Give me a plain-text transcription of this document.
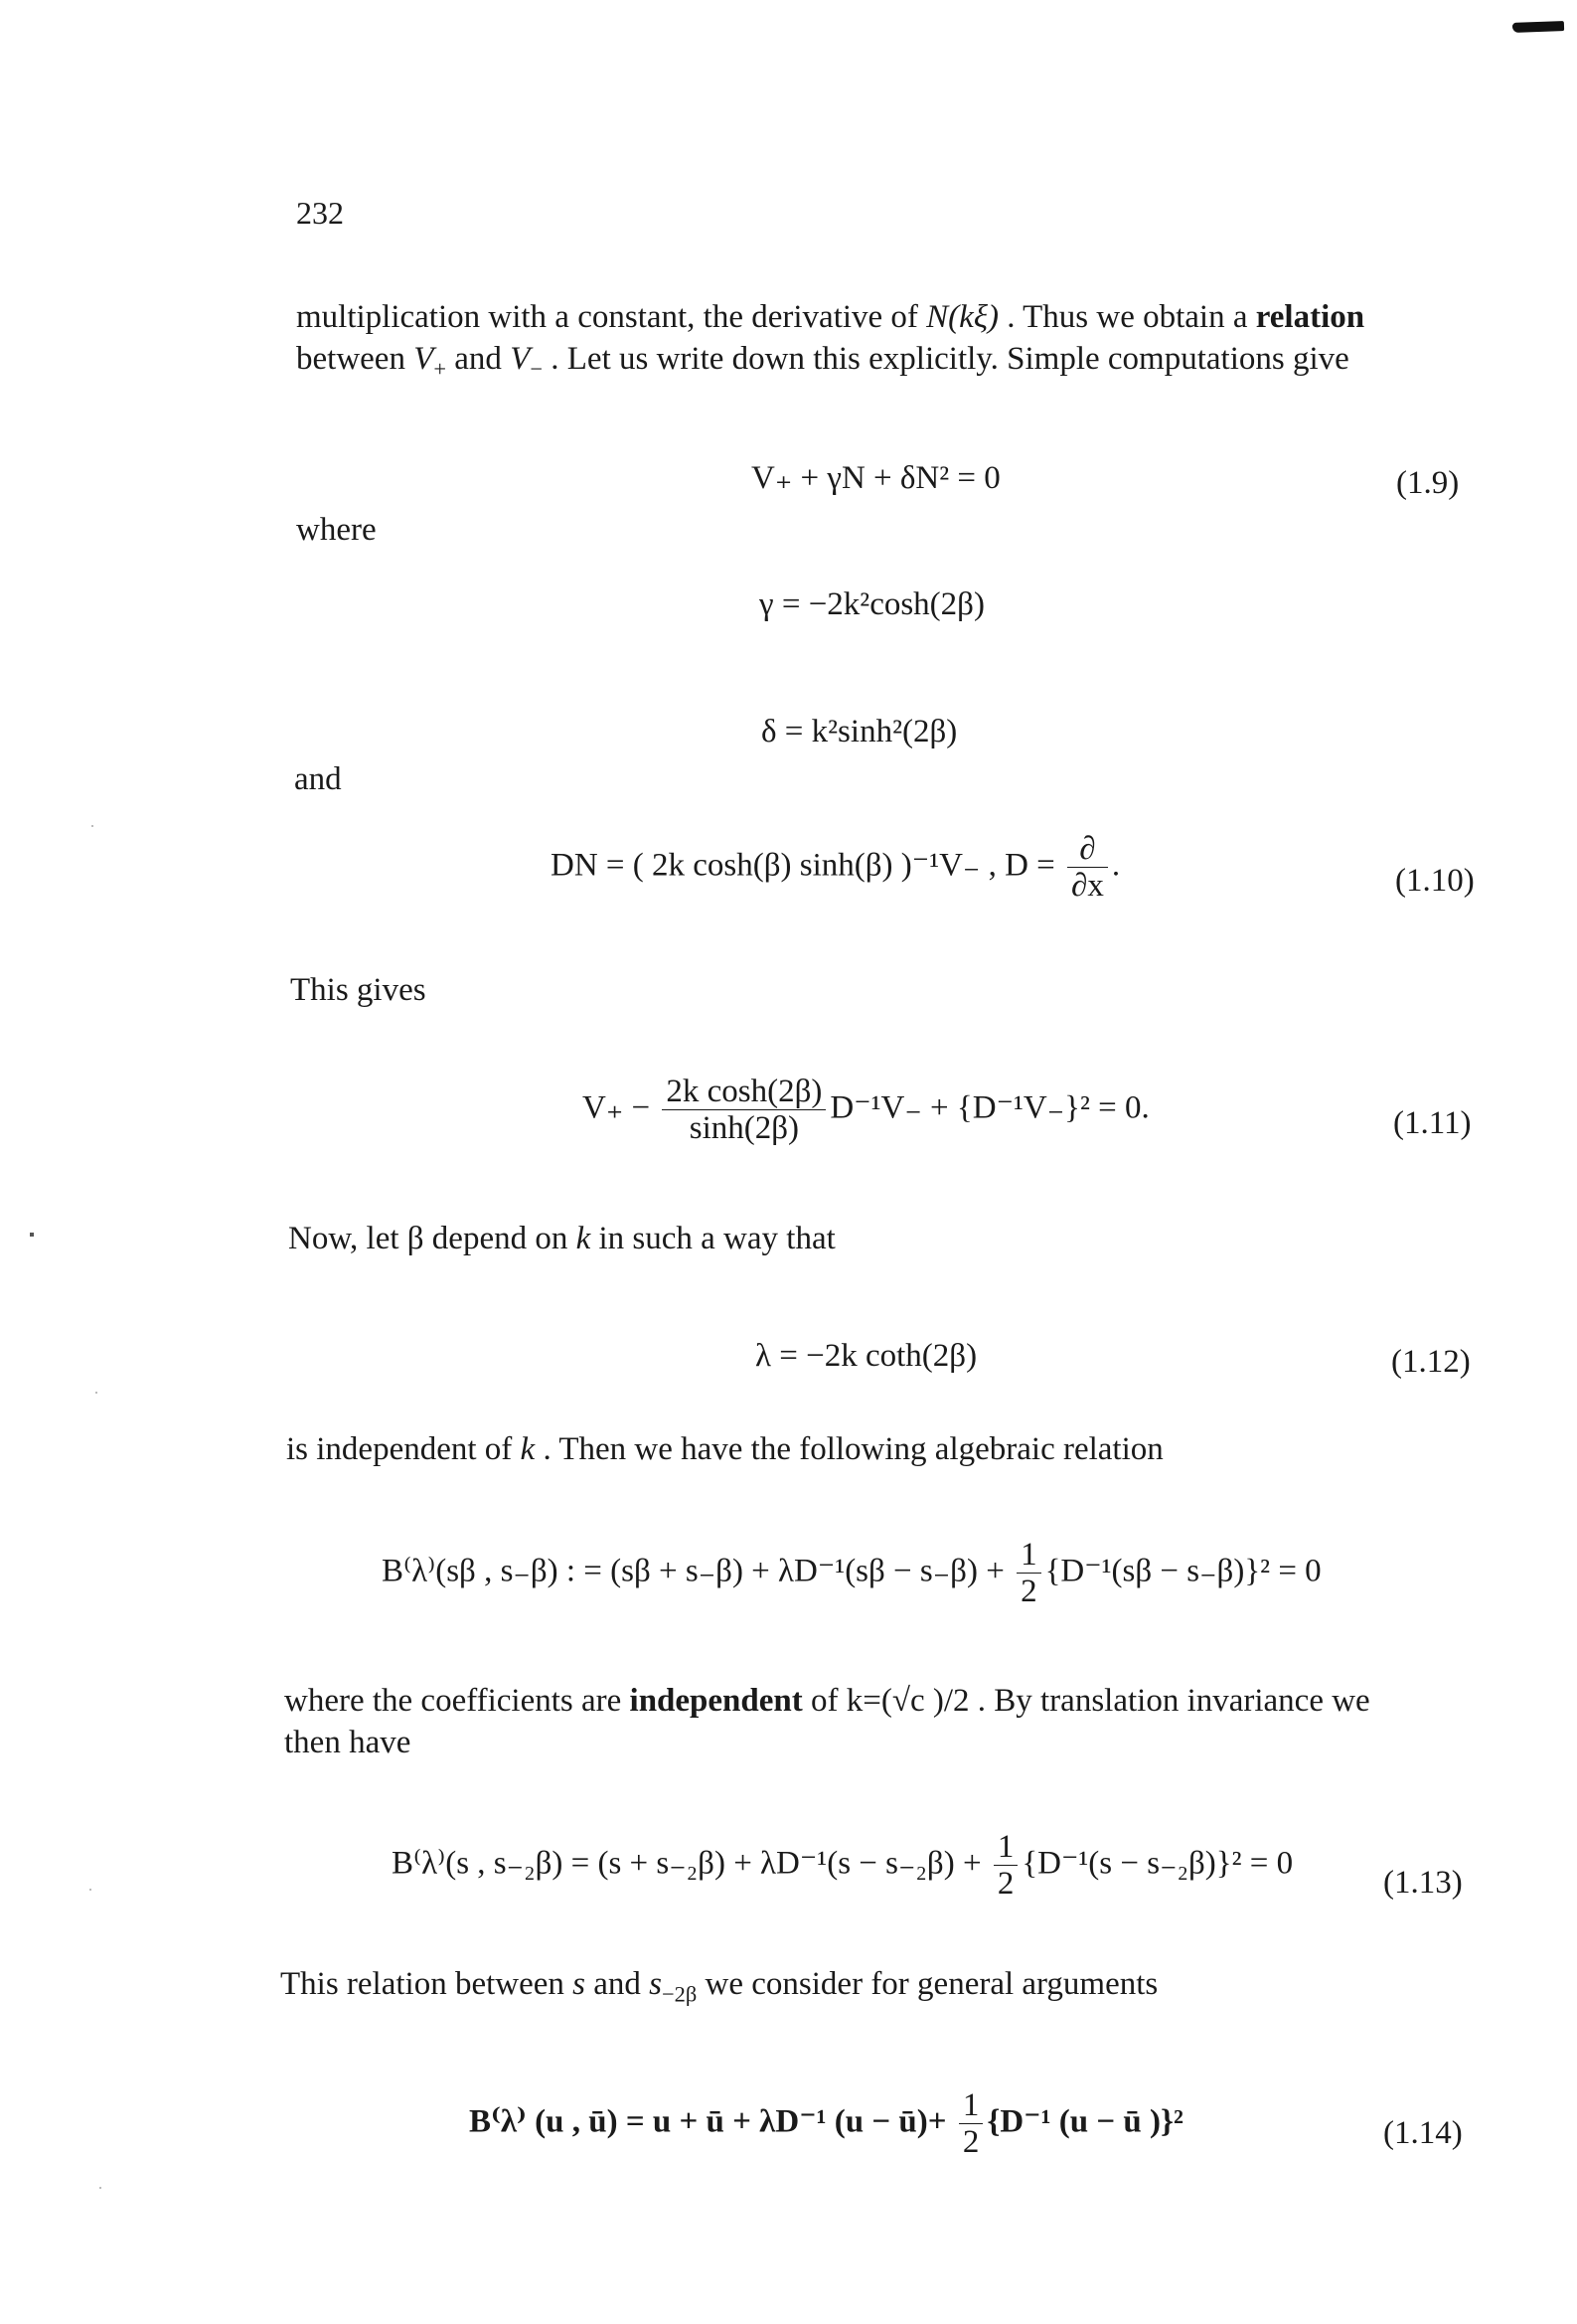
232
multiplication with a constant, the derivative of N(kξ) . Thus we obtain a relation
between $V_+$ and $V_-$ . Let us write down this explicitly. Simple computations give
V₊ + γN + δN² = 0	(1.9)
where
γ = −2k²cosh(2β)
δ = k²sinh²(2β)
and
DN = ( 2k cosh(β) sinh(β) )⁻¹V₋ , $D = \frac{\partial}{\partial x}$ .	(1.10)
This gives
$V_+ - \frac{\text{2k cosh(2β)}}{\sinh(2\beta)} D^{-1}V_- + \{D^{-1}V_-\}^2 = 0$.	(1.11)
Now, let β depend on k in such a way that
λ = −2k coth(2β)	(1.12)
is independent of k . Then we have the following algebraic relation
B⁽λ⁾(sβ , s₋β) : = $(s\beta + s_-\beta) + \lambda D^{-1}(s\beta - s_-\beta) + \frac{1}{2} \{D^{-1}(s\beta - s_-\beta)\}^2 = 0$
where the coefficients are independent of k=(√c )/2 . By translation invariance we
then have
B⁽λ⁾(s , $s_{-2}\beta) = (s + s_{-2}\beta) + \lambda D^{-1}(s - s_{-2}\beta) + \frac{1}{2} \{D^{-1}(s - s_{-2}\beta)\}^2 = 0$
(1.13)
This relation between s and $s_{-2\beta}$ we consider for general arguments
B⁽λ⁾ (u , ū) = u + ū + λD⁻¹ (u − ū)+ $\frac{1}{2} \{D^{-1}$ (u − ū )}²	(1.14)
